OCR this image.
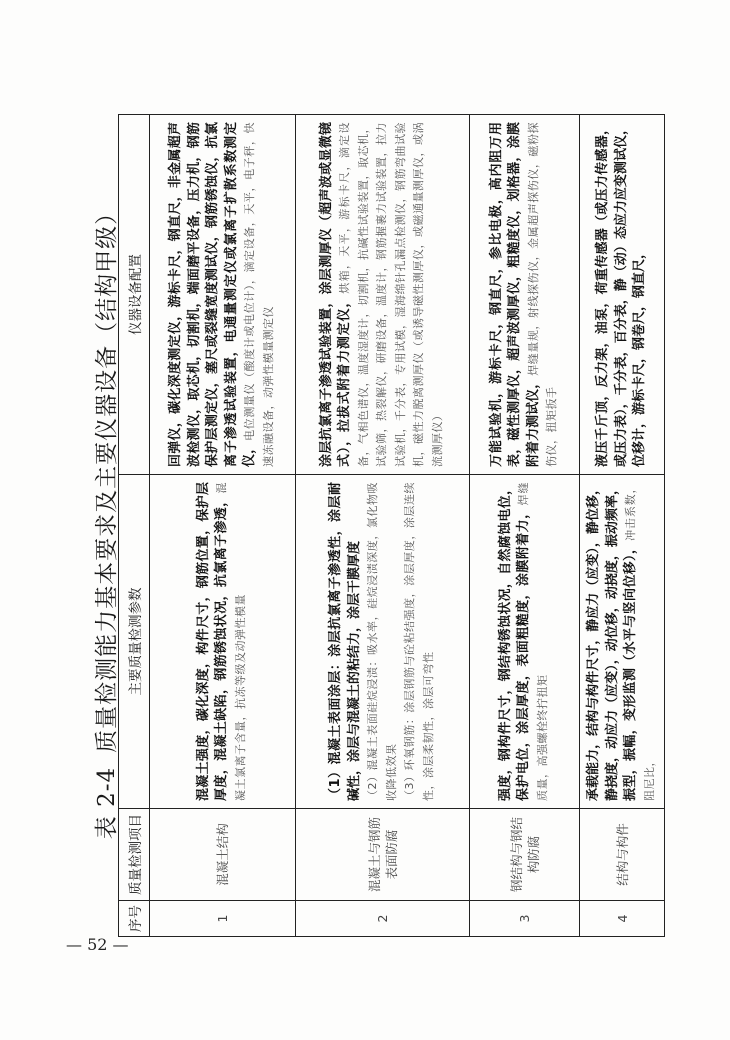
表 2-4质量检测能力基本要求及主要仪器设备（结构甲级）
序号	质量检测项目	主要质量检测参数	仪器设备配置
1	混凝土结构	混凝土强度，碳化深度，构件尺寸，钢筋位置，保护层厚度，混凝土缺陷，钢筋锈蚀状况，抗氯离子渗透，混凝土氯离子含量，抗冻等级及动弹性模量	回弹仪，碳化深度测定仪，游标卡尺，钢直尺，非金属超声波检测仪，取芯机，切割机，端面磨平设备，压力机，钢筋保护层测定仪，塞尺或裂缝宽度测试仪，钢筋锈蚀仪，抗氯离子渗透试验装置，电通量测定仪或氯离子扩散系数测定仪，电位测量仪（酸度计或电位计），滴定设备，天平，电子秤，快速冻融设备，动弹性模量测定仪
2	混凝土与钢筋表面防腐	（1）混凝土表面涂层：涂层抗氯离子渗透性，涂层耐碱性，涂层与混凝土的粘结力，涂层干膜厚度 （2）混凝土表面硅烷浸渍：吸水率，硅烷浸渍深度，氯化物吸收降低效果 （3）环氧钢筋：涂层钢筋与砼粘结强度，涂层厚度，涂层连续性，涂层柔韧性，涂层可弯性	涂层抗氯离子渗透试验装置，涂层测厚仪（超声波或显微镜式），拉拔式附着力测定仪，烘箱，天平，游标卡尺，滴定设备，气相色谱仪，温度湿度计，切割机，抗碱性试验装置，取芯机，试验筛，热裂解仪，研磨设备，温度计，钢筋握裹力试验装置，拉力试验机，千分表，专用试模，湿海绵针孔漏点检测仪，钢筋弯曲试验机，磁性力脱离测厚仪（或诱导磁性测厚仪，或磁通量测厚仪，或涡流测厚仪）
3	钢结构与钢结构防腐	强度，钢构件尺寸，钢结构锈蚀状况，自然腐蚀电位，保护电位，涂层厚度，表面粗糙度，涂膜附着力，焊缝质量，高强螺栓终拧扭矩	万能试验机，游标卡尺，钢直尺，参比电极，高内阻万用表，磁性测厚仪，超声波测厚仪，粗糙度仪，划格器，涂膜附着力测试仪，焊缝量规，射线探伤仪，金属超声探伤仪，磁粉探伤仪，扭矩扳手
4	结构与构件	承载能力，结构与构件尺寸，静应力（应变），静位移，静挠度，动应力（应变），动位移，动挠度，振动频率，振型，振幅，变形监测（水平与竖向位移），冲击系数，阻尼比，	液压千斤顶，反力架，油泵，荷重传感器（或压力传感器，或压力表），千分表，百分表，静（动）态应力应变测试仪，位移计，游标卡尺，钢卷尺，钢直尺，
— 52 —
